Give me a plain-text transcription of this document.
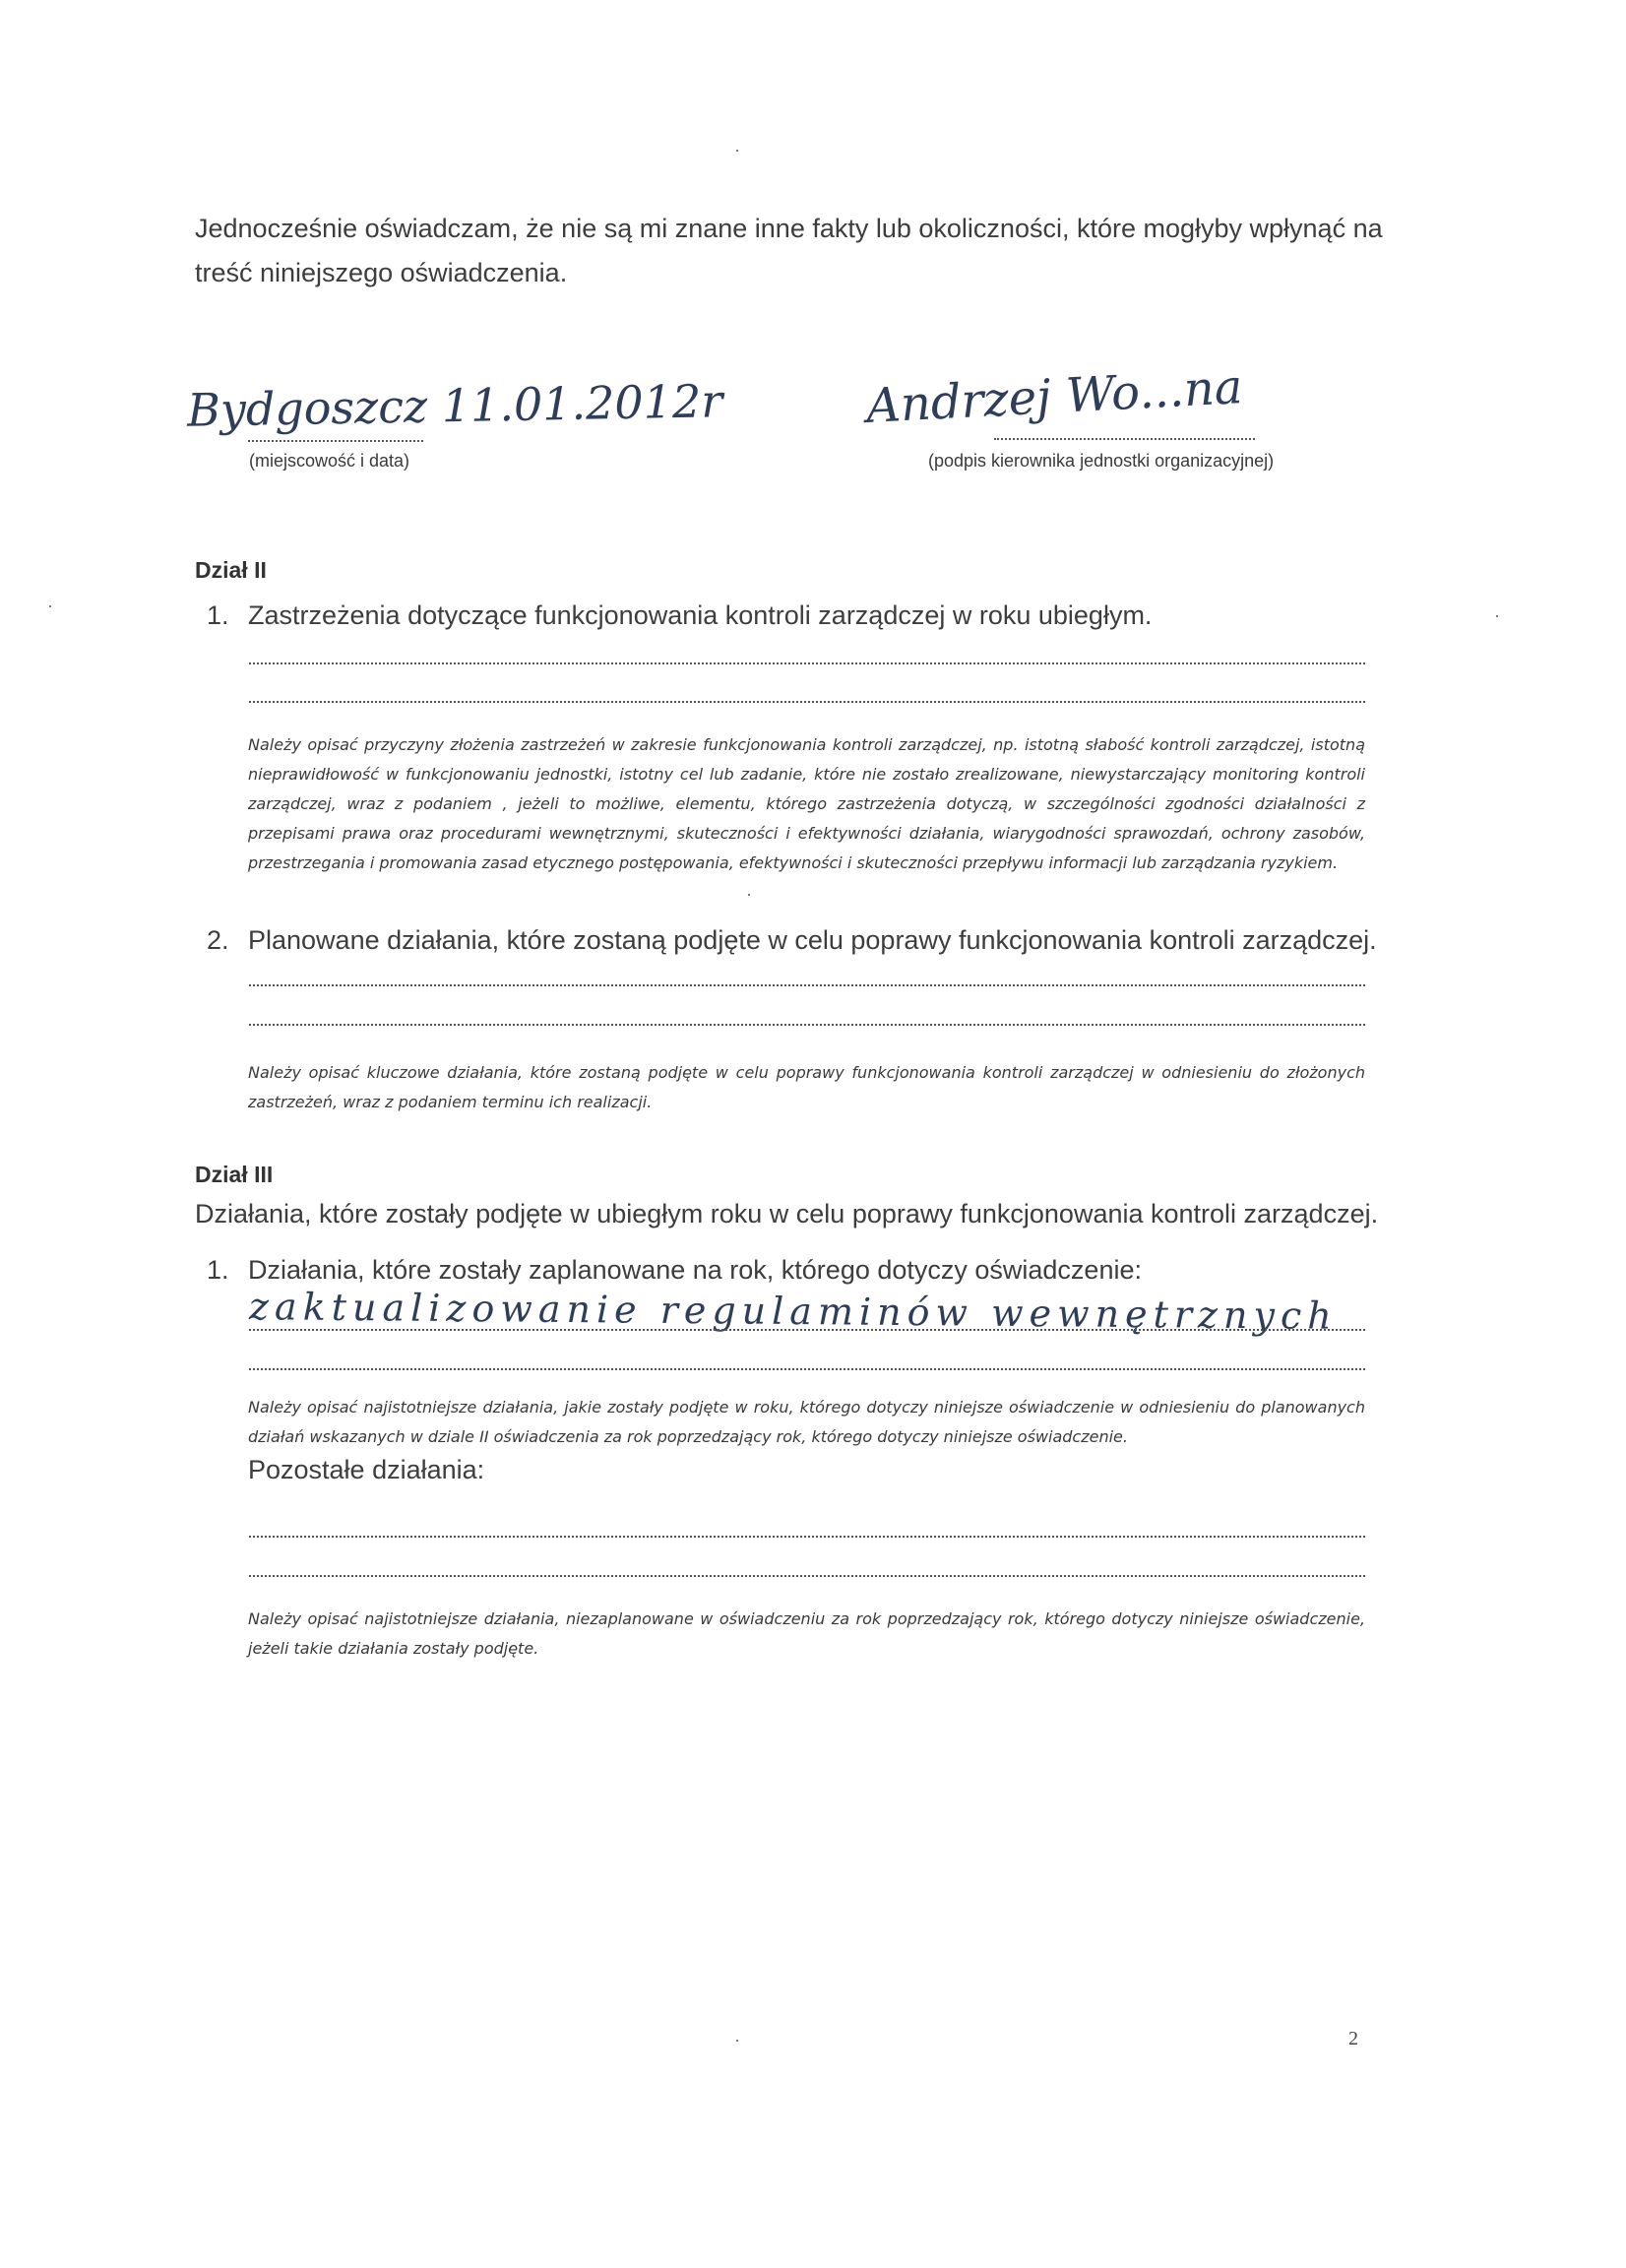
Jednocześnie oświadczam, że nie są mi znane inne fakty lub okoliczności, które mogłyby wpłynąć na
treść niniejszego oświadczenia.
Bydgoszcz 11.01.2012r
(miejscowość i data)
Andrzej Wo...na
(podpis kierownika jednostki organizacyjnej)
Dział II
1. Zastrzeżenia dotyczące funkcjonowania kontroli zarządczej w roku ubiegłym.
Należy opisać przyczyny złożenia zastrzeżeń w zakresie funkcjonowania kontroli zarządczej, np. istotną słabość kontroli zarządczej, istotną nieprawidłowość w funkcjonowaniu jednostki, istotny cel lub zadanie, które nie zostało zrealizowane, niewystarczający monitoring kontroli zarządczej, wraz z podaniem , jeżeli to możliwe, elementu, którego zastrzeżenia dotyczą, w szczególności zgodności działalności z przepisami prawa oraz procedurami wewnętrznymi, skuteczności i efektywności działania, wiarygodności sprawozdań, ochrony zasobów, przestrzegania i promowania zasad etycznego postępowania, efektywności i skuteczności przepływu informacji lub zarządzania ryzykiem.
2. Planowane działania, które zostaną podjęte w celu poprawy funkcjonowania kontroli zarządczej.
Należy opisać kluczowe działania, które zostaną podjęte w celu poprawy funkcjonowania kontroli zarządczej w odniesieniu do złożonych zastrzeżeń, wraz z podaniem terminu ich realizacji.
Dział III
Działania, które zostały podjęte w ubiegłym roku w celu poprawy funkcjonowania kontroli zarządczej.
1. Działania, które zostały zaplanowane na rok, którego dotyczy oświadczenie:
zaktualizowanie regulaminów wewnętrznych
Należy opisać najistotniejsze działania, jakie zostały podjęte w roku, którego dotyczy niniejsze oświadczenie w odniesieniu do planowanych działań wskazanych w dziale II oświadczenia za rok poprzedzający rok, którego dotyczy niniejsze oświadczenie.
Pozostałe działania:
Należy opisać najistotniejsze działania, niezaplanowane w oświadczeniu za rok poprzedzający rok, którego dotyczy niniejsze oświadczenie, jeżeli takie działania zostały podjęte.
2
